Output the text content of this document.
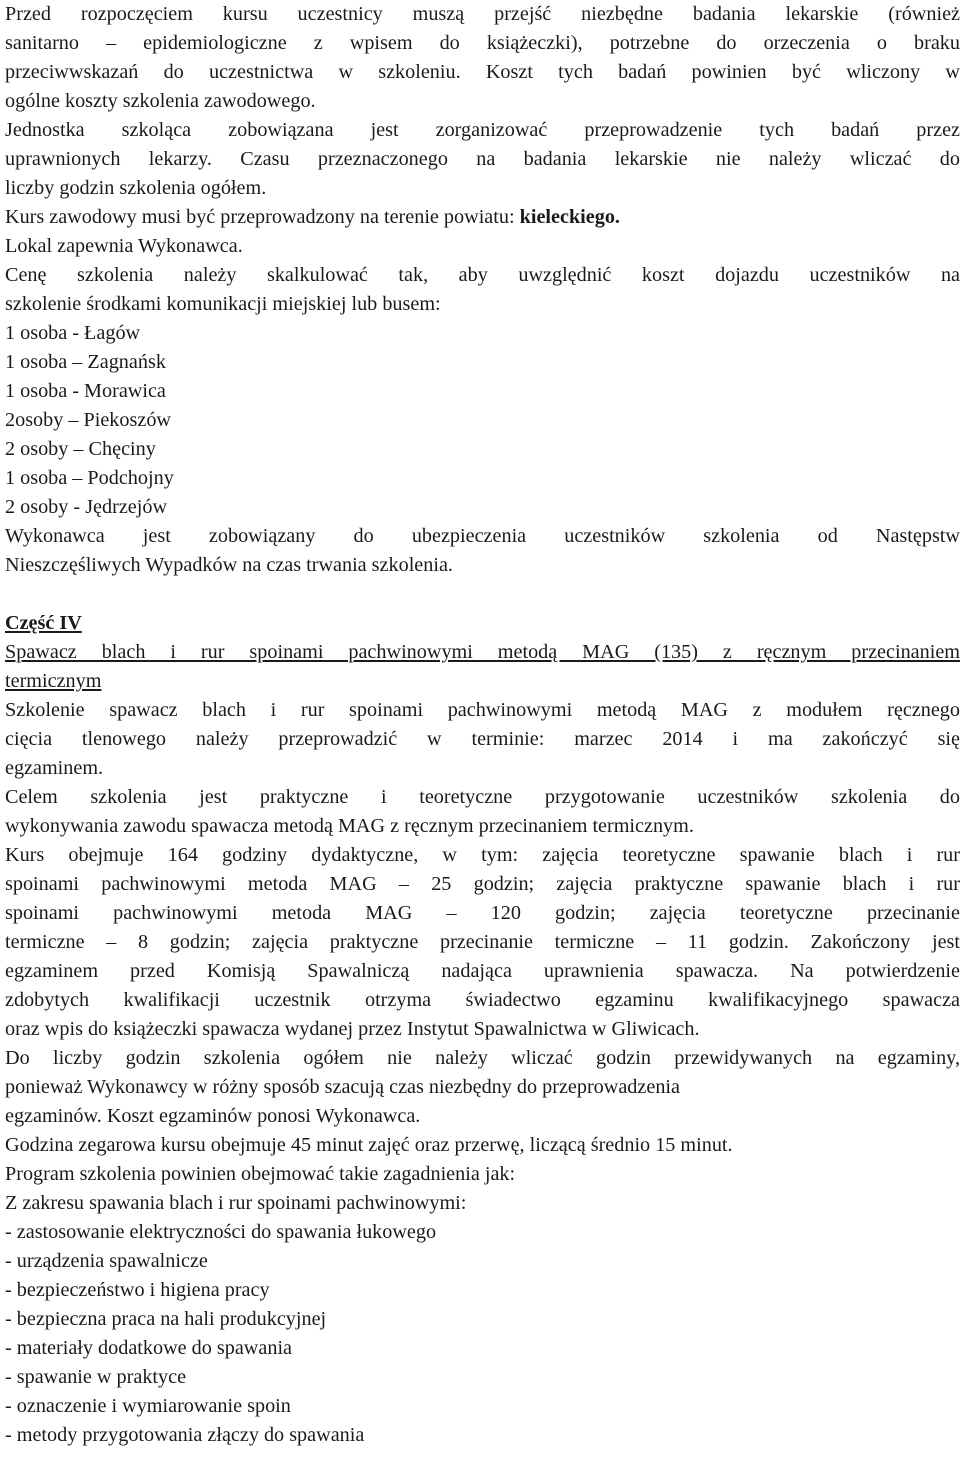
Przed rozpoczęciem kursu uczestnicy muszą przejść niezbędne badania lekarskie (również
sanitarno – epidemiologiczne z wpisem do książeczki), potrzebne do orzeczenia o braku
przeciwwskazań do uczestnictwa w szkoleniu. Koszt tych badań powinien być wliczony w
ogólne koszty szkolenia zawodowego.
Jednostka szkoląca zobowiązana jest zorganizować przeprowadzenie tych badań przez
uprawnionych lekarzy. Czasu przeznaczonego na badania lekarskie nie należy wliczać do
liczby godzin szkolenia ogółem.
Kurs zawodowy musi być przeprowadzony na terenie powiatu: kieleckiego.
Lokal zapewnia Wykonawca.
Cenę szkolenia należy skalkulować tak, aby uwzględnić koszt dojazdu uczestników na
szkolenie środkami komunikacji miejskiej lub busem:
1 osoba - Łagów
1 osoba – Zagnańsk
1 osoba - Morawica
2osoby – Piekoszów
2 osoby – Chęciny
1 osoba – Podchojny
2 osoby - Jędrzejów
Wykonawca jest zobowiązany do ubezpieczenia uczestników szkolenia od Następstw
Nieszczęśliwych Wypadków na czas trwania szkolenia.
Część IV
Spawacz blach i rur spoinami pachwinowymi metodą MAG (135) z ręcznym przecinaniem
termicznym
Szkolenie spawacz blach i rur spoinami pachwinowymi metodą MAG z modułem ręcznego
cięcia tlenowego należy przeprowadzić w terminie: marzec 2014 i ma zakończyć się
egzaminem.
Celem szkolenia jest praktyczne i teoretyczne przygotowanie uczestników szkolenia do
wykonywania zawodu spawacza metodą MAG z ręcznym przecinaniem termicznym.
Kurs obejmuje 164 godziny dydaktyczne, w tym: zajęcia teoretyczne spawanie blach i rur
spoinami pachwinowymi metoda MAG – 25 godzin; zajęcia praktyczne spawanie blach i rur
spoinami pachwinowymi metoda MAG – 120 godzin; zajęcia teoretyczne przecinanie
termiczne – 8 godzin; zajęcia praktyczne przecinanie termiczne – 11 godzin. Zakończony jest
egzaminem przed Komisją Spawalniczą nadająca uprawnienia spawacza. Na potwierdzenie
zdobytych kwalifikacji uczestnik otrzyma świadectwo egzaminu kwalifikacyjnego spawacza
oraz wpis do książeczki spawacza wydanej przez Instytut Spawalnictwa w Gliwicach.
Do liczby godzin szkolenia ogółem nie należy wliczać godzin przewidywanych na egzaminy,
ponieważ Wykonawcy w różny sposób szacują czas niezbędny do przeprowadzenia
egzaminów. Koszt egzaminów ponosi Wykonawca.
Godzina zegarowa kursu obejmuje 45 minut zajęć oraz przerwę, liczącą średnio 15 minut.
Program szkolenia powinien obejmować takie zagadnienia jak:
Z zakresu spawania blach i rur spoinami pachwinowymi:
- zastosowanie elektryczności do spawania łukowego
- urządzenia spawalnicze
- bezpieczeństwo i higiena pracy
- bezpieczna praca na hali produkcyjnej
- materiały dodatkowe do spawania
- spawanie w praktyce
- oznaczenie i wymiarowanie spoin
- metody przygotowania złączy do spawania
